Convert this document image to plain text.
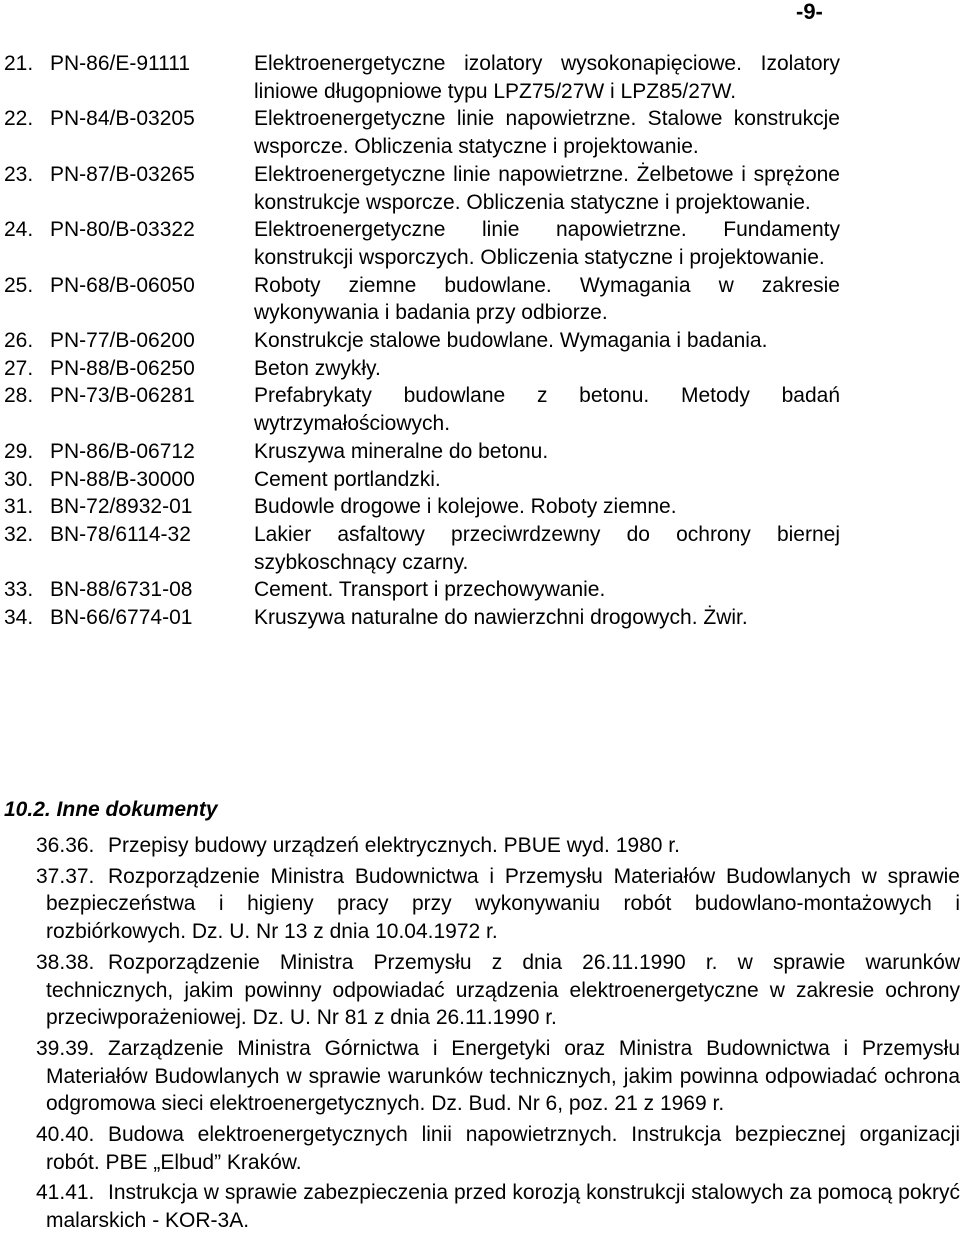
-9-
21. PN-86/E-91111	Elektroenergetyczne izolatory wysokonapięciowe. Izolatory liniowe długopniowe typu LPZ75/27W i LPZ85/27W.
22. PN-84/B-03205	Elektroenergetyczne linie napowietrzne. Stalowe konstrukcje wsporcze. Obliczenia statyczne i projektowanie.
23. PN-87/B-03265	Elektroenergetyczne linie napowietrzne. Żelbetowe i sprężone konstrukcje wsporcze. Obliczenia statyczne i projektowanie.
24. PN-80/B-03322	Elektroenergetyczne linie napowietrzne. Fundamenty konstrukcji wsporczych. Obliczenia statyczne i projektowanie.
25. PN-68/B-06050	Roboty ziemne budowlane. Wymagania w zakresie wykonywania i badania przy odbiorze.
26. PN-77/B-06200	Konstrukcje stalowe budowlane. Wymagania i badania.
27. PN-88/B-06250	Beton zwykły.
28. PN-73/B-06281	Prefabrykaty budowlane z betonu. Metody badań wytrzymałościowych.
29. PN-86/B-06712	Kruszywa mineralne do betonu.
30. PN-88/B-30000	Cement portlandzki.
31. BN-72/8932-01	Budowle drogowe i kolejowe. Roboty ziemne.
32. BN-78/6114-32	Lakier asfaltowy przeciwrdzewny do ochrony biernej szybkoschnący czarny.
33. BN-88/6731-08	Cement. Transport i przechowywanie.
34. BN-66/6774-01	Kruszywa naturalne do nawierzchni drogowych. Żwir.
10.2. Inne dokumenty
36.36. Przepisy budowy urządzeń elektrycznych. PBUE wyd. 1980 r.
37.37. Rozporządzenie Ministra Budownictwa i Przemysłu Materiałów Budowlanych w sprawie bezpieczeństwa i higieny pracy przy wykonywaniu robót budowlano-montażowych i rozbiórkowych. Dz. U. Nr 13 z dnia 10.04.1972 r.
38.38. Rozporządzenie Ministra Przemysłu z dnia 26.11.1990 r. w sprawie warunków technicznych, jakim powinny odpowiadać urządzenia elektroenergetyczne w zakresie ochrony przeciwporażeniowej. Dz. U. Nr 81 z dnia 26.11.1990 r.
39.39. Zarządzenie Ministra Górnictwa i Energetyki oraz Ministra Budownictwa i Przemysłu Materiałów Budowlanych w sprawie warunków technicznych, jakim powinna odpowiadać ochrona odgromowa sieci elektroenergetycznych. Dz. Bud. Nr 6, poz. 21 z 1969 r.
40.40. Budowa elektroenergetycznych linii napowietrznych. Instrukcja bezpiecznej organizacji robót. PBE „Elbud” Kraków.
41.41. Instrukcja w sprawie zabezpieczenia przed korozją konstrukcji stalowych za pomocą pokryć malarskich - KOR-3A.
